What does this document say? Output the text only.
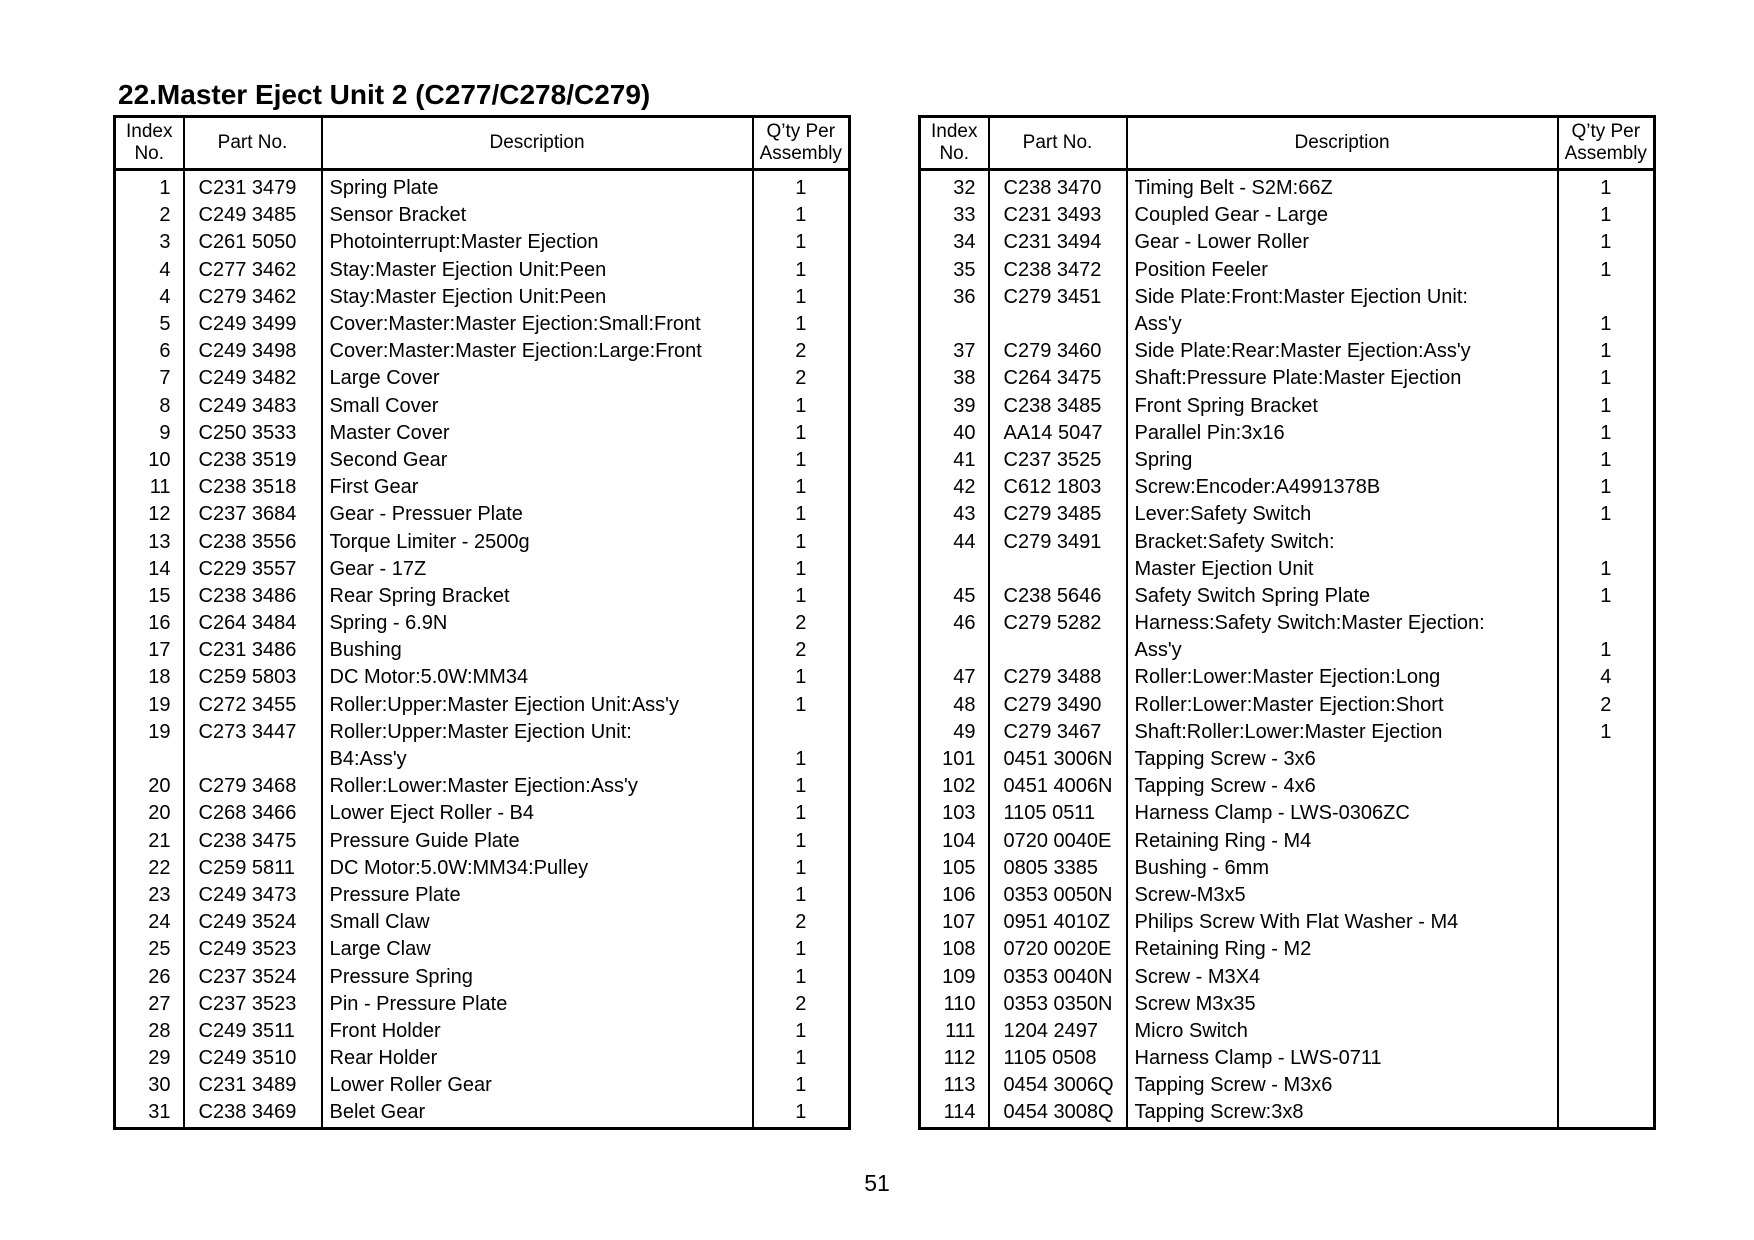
22.Master Eject Unit 2 (C277/C278/C279)
Index
No.	Part No.	Description	Q’ty Per
Assembly
1	C231 3479	Spring Plate	1
2	C249 3485	Sensor Bracket	1
3	C261 5050	Photointerrupt:Master Ejection	1
4	C277 3462	Stay:Master Ejection Unit:Peen	1
4	C279 3462	Stay:Master Ejection Unit:Peen	1
5	C249 3499	Cover:Master:Master Ejection:Small:Front	1
6	C249 3498	Cover:Master:Master Ejection:Large:Front	2
7	C249 3482	Large Cover	2
8	C249 3483	Small Cover	1
9	C250 3533	Master Cover	1
10	C238 3519	Second Gear	1
11	C238 3518	First Gear	1
12	C237 3684	Gear - Pressuer Plate	1
13	C238 3556	Torque Limiter - 2500g	1
14	C229 3557	Gear - 17Z	1
15	C238 3486	Rear Spring Bracket	1
16	C264 3484	Spring - 6.9N	2
17	C231 3486	Bushing	2
18	C259 5803	DC Motor:5.0W:MM34	1
19	C272 3455	Roller:Upper:Master Ejection Unit:Ass'y	1
19	C273 3447	Roller:Upper:Master Ejection Unit:	
		B4:Ass'y	1
20	C279 3468	Roller:Lower:Master Ejection:Ass'y	1
20	C268 3466	Lower Eject Roller - B4	1
21	C238 3475	Pressure Guide Plate	1
22	C259 5811	DC Motor:5.0W:MM34:Pulley	1
23	C249 3473	Pressure Plate	1
24	C249 3524	Small Claw	2
25	C249 3523	Large Claw	1
26	C237 3524	Pressure Spring	1
27	C237 3523	Pin - Pressure Plate	2
28	C249 3511	Front Holder	1
29	C249 3510	Rear Holder	1
30	C231 3489	Lower Roller Gear	1
31	C238 3469	Belet Gear	1
Index
No.	Part No.	Description	Q’ty Per
Assembly
32	C238 3470	Timing Belt - S2M:66Z	1
33	C231 3493	Coupled Gear - Large	1
34	C231 3494	Gear - Lower Roller	1
35	C238 3472	Position Feeler	1
36	C279 3451	Side Plate:Front:Master Ejection Unit:	
		Ass'y	1
37	C279 3460	Side Plate:Rear:Master Ejection:Ass'y	1
38	C264 3475	Shaft:Pressure Plate:Master Ejection	1
39	C238 3485	Front Spring Bracket	1
40	AA14 5047	Parallel Pin:3x16	1
41	C237 3525	Spring	1
42	C612 1803	Screw:Encoder:A4991378B	1
43	C279 3485	Lever:Safety Switch	1
44	C279 3491	Bracket:Safety Switch:	
		Master Ejection Unit	1
45	C238 5646	Safety Switch Spring Plate	1
46	C279 5282	Harness:Safety Switch:Master Ejection:	
		Ass'y	1
47	C279 3488	Roller:Lower:Master Ejection:Long	4
48	C279 3490	Roller:Lower:Master Ejection:Short	2
49	C279 3467	Shaft:Roller:Lower:Master Ejection	1
101	0451 3006N	Tapping Screw - 3x6	
102	0451 4006N	Tapping Screw - 4x6	
103	1105 0511	Harness Clamp - LWS-0306ZC	
104	0720 0040E	Retaining Ring - M4	
105	0805 3385	Bushing - 6mm	
106	0353 0050N	Screw-M3x5	
107	0951 4010Z	Philips Screw With Flat Washer - M4	
108	0720 0020E	Retaining Ring - M2	
109	0353 0040N	Screw - M3X4	
110	0353 0350N	Screw M3x35	
111	1204 2497	Micro Switch	
112	1105 0508	Harness Clamp - LWS-0711	
113	0454 3006Q	Tapping Screw - M3x6	
114	0454 3008Q	Tapping Screw:3x8	

51
